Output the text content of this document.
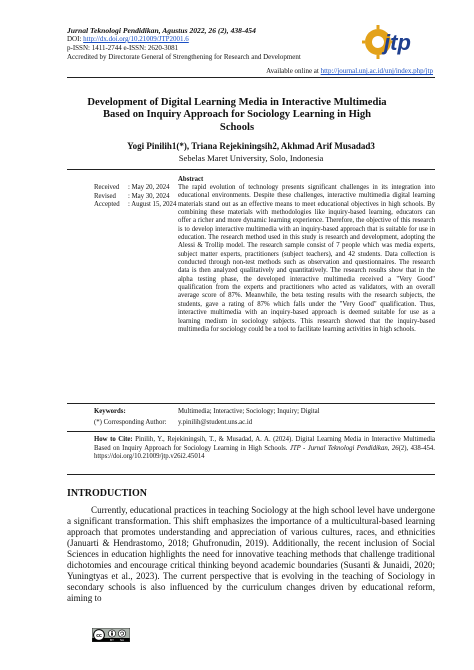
Jurnal Teknologi Pendidikan, Agustus 2022, 26 (2), 438-454
DOI: http://dx.doi.org/10.21009/JTP2001.6
p-ISSN: 1411-2744 e-ISSN: 2620-3081
Accredited by Directorate General of Strengthening for Research and Development
jtp
Available online at http://journal.unj.ac.id/unj/index.php/jtp
Development of Digital Learning Media in Interactive Multimedia Based on Inquiry Approach for Sociology Learning in High Schools
Yogi Pinilih1(*), Triana Rejekiningsih2, Akhmad Arif Musadad3
Sebelas Maret University, Solo, Indonesia
Received	: May 20, 2024
Revised	: May 30, 2024
Accepted	: August 15, 2024
Abstract

The rapid evolution of technology presents significant challenges in its integration into educational environments. Despite these challenges, interactive multimedia digital learning materials stand out as an effective means to meet educational objectives in high schools. By combining these materials with methodologies like inquiry-based learning, educators can offer a richer and more dynamic learning experience. Therefore, the objective of this research is to develop interactive multimedia with an inquiry-based approach that is suitable for use in education. The research method used in this study is research and development, adopting the Alessi & Trollip model. The research sample consist of 7 people which was media experts, subject matter experts, practitioners (subject teachers), and 42 students. Data collection is conducted through non-test methods such as observation and questionnaires. The research data is then analyzed qualitatively and quantitatively. The research results show that in the alpha testing phase, the developed interactive multimedia received a "Very Good" qualification from the experts and practitioners who acted as validators, with an overall average score of 87%. Meanwhile, the beta testing results with the research subjects, the students, gave a rating of 87% which falls under the "Very Good" qualification. Thus, interactive multimedia with an inquiry-based approach is deemed suitable for use as a learning medium in sociology subjects. This research showed that the inquiry-based multimedia for sociology could be a tool to facilitate learning activities in high schools.

Keywords:	Multimedia; Interactive; Sociology; Inquiry; Digital
(*) Corresponding Author: y.pinilih@student.uns.ac.id

How to Cite: Pinilih, Y., Rejekiningsih, T., & Musadad, A. A. (2024). Digital Learning Media in Interactive Multimedia Based on Inquiry Approach for Sociology Learning in High Schools. JTP - Jurnal Teknologi Pendidikan, 26(2), 438-454. https://doi.org/10.21009/jtp.v26i2.45014

INTRODUCTION

Currently, educational practices in teaching Sociology at the high school level have undergone a significant transformation. This shift emphasizes the importance of a multicultural-based learning approach that promotes understanding and appreciation of various cultures, races, and ethnicities (Januarti & Hendrastomo, 2018; Ghufronudin, 2019). Additionally, the recent inclusion of Social Sciences in education highlights the need for innovative teaching methods that challenge traditional dichotomies and encourage critical thinking beyond academic boundaries (Susanti & Junaidi, 2020; Yuningtyas et al., 2023). The current perspective that is evolving in the teaching of Sociology in secondary schools is also influenced by the curriculum changes driven by educational reform, aiming to

cc
BY SA
